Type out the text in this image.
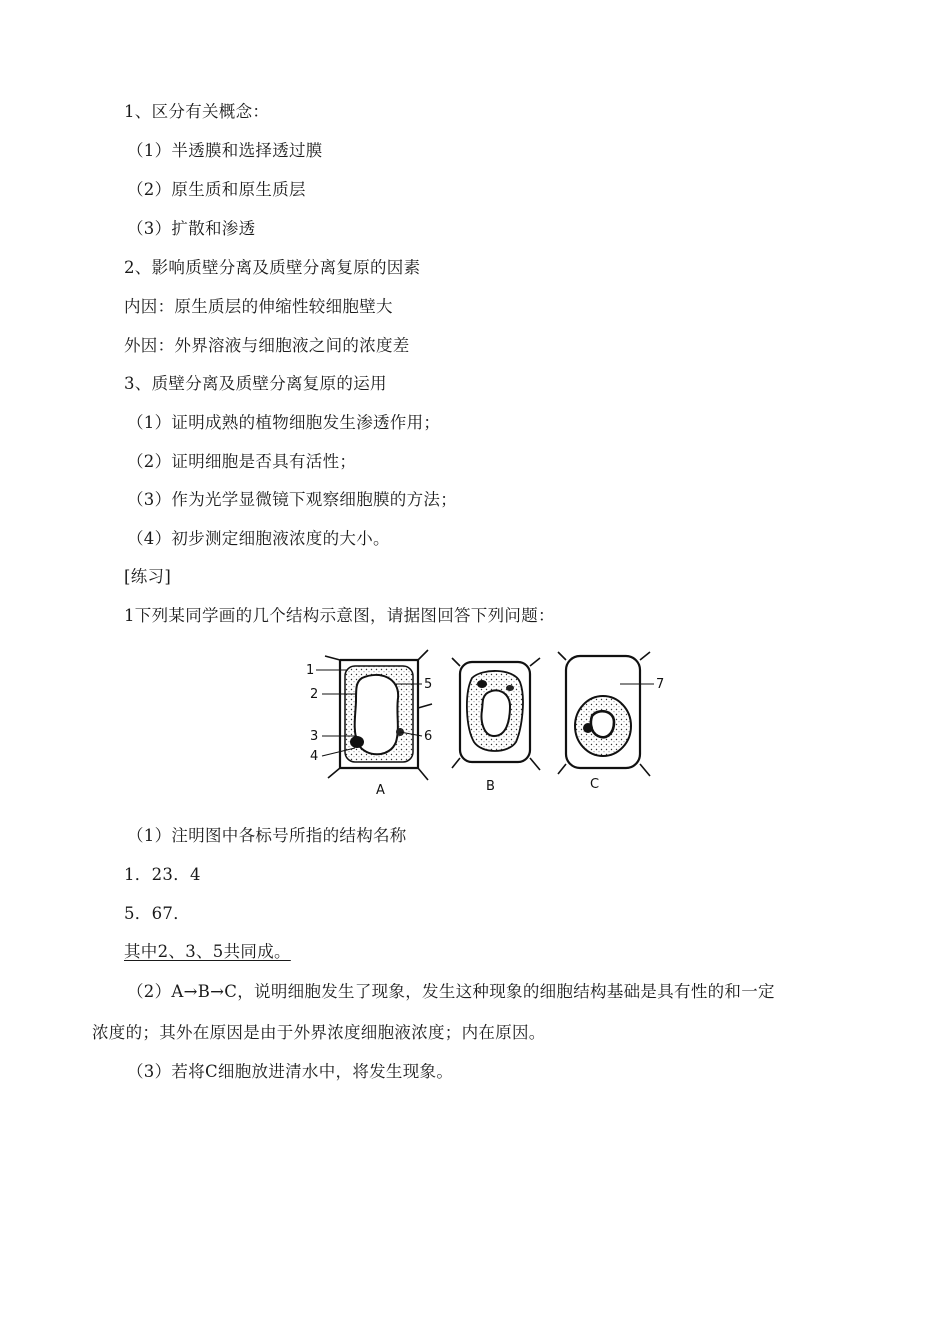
1、区分有关概念：
（1）半透膜和选择透过膜
（2）原生质和原生质层
（3）扩散和渗透
2、影响质壁分离及质壁分离复原的因素
内因：原生质层的伸缩性较细胞壁大
外因：外界溶液与细胞液之间的浓度差
3、质壁分离及质壁分离复原的运用
（1）证明成熟的植物细胞发生渗透作用；
（2）证明细胞是否具有活性；
（3）作为光学显微镜下观察细胞膜的方法；
（4）初步测定细胞液浓度的大小。
[练习]
1下列某同学画的几个结构示意图，请据图回答下列问题：
1
2
3
4
5
6
7
A	B	C
（1）注明图中各标号所指的结构名称
1．23．4
5．67．
其中2、3、5共同成。
（2）A→B→C，说明细胞发生了现象，发生这种现象的细胞结构基础是具有性的和一定
浓度的；其外在原因是由于外界浓度细胞液浓度；内在原因。
（3）若将C细胞放进清水中，将发生现象。
